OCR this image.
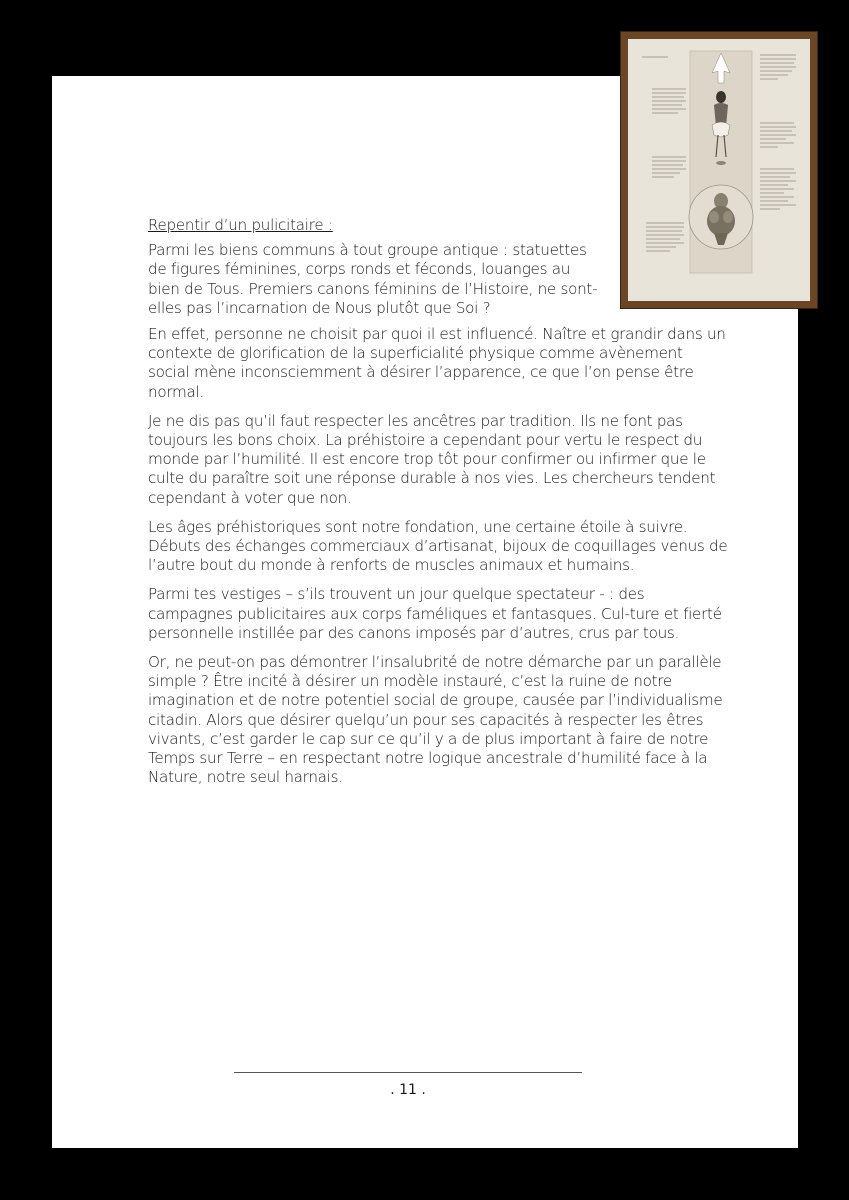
Repentir d’un pulicitaire :

Parmi les biens communs à tout groupe antique : statuettes de figures féminines, corps ronds et féconds, louanges au bien de Tous. Premiers canons féminins de l’Histoire, ne sont-elles pas l’incarnation de Nous plutôt que Soi ?

En effet, personne ne choisit par quoi il est influencé. Naître et grandir dans un contexte de glorification de la superficialité physique comme avènement social mène inconsciemment à désirer l’apparence, ce que l’on pense être normal.

Je ne dis pas qu’il faut respecter les ancêtres par tradition. Ils ne font pas toujours les bons choix. La préhistoire a cependant pour vertu le respect du monde par l’humilité. Il est encore trop tôt pour confirmer ou infirmer que le culte du paraître soit une réponse durable à nos vies. Les chercheurs tendent cependant à voter que non.

Les âges préhistoriques sont notre fondation, une certaine étoile à suivre. Débuts des échanges commerciaux d’artisanat, bijoux de coquillages venus de l’autre bout du monde à renforts de muscles animaux et humains.

Parmi tes vestiges – s’ils trouvent un jour quelque spectateur - : des campagnes publicitaires aux corps faméliques et fantasques. Cul-ture et fierté personnelle instillée par des canons imposés par d’autres, crus par tous.

Or, ne peut-on pas démontrer l’insalubrité de notre démarche par un parallèle simple ? Être incité à désirer un modèle instauré, c’est la ruine de notre imagination et de notre potentiel social de groupe, causée par l’individualisme citadin. Alors que désirer quelqu’un pour ses capacités à respecter les êtres vivants, c’est garder le cap sur ce qu’il y a de plus important à faire de notre Temps sur Terre – en respectant notre logique ancestrale d’humilité face à la Nature, notre seul harnais.

. 11 .
